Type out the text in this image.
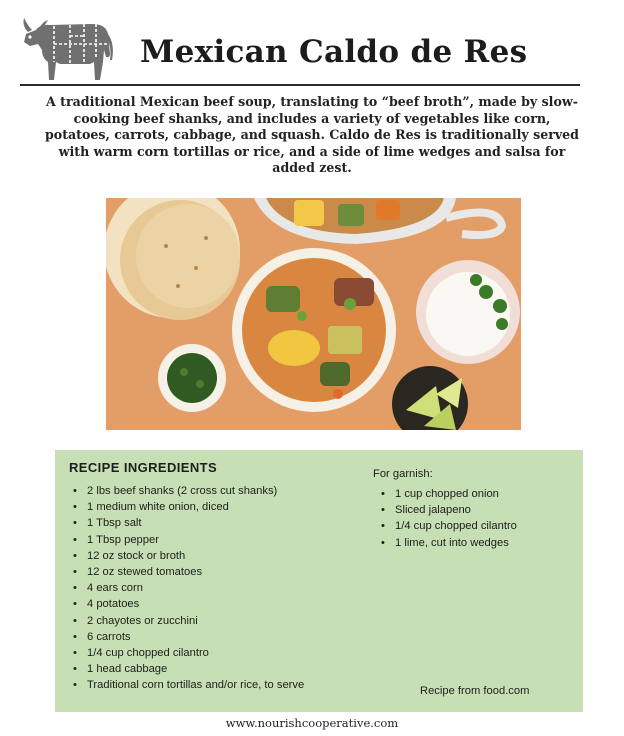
Mexican Caldo de Res
A traditional Mexican beef soup, translating to “beef broth”, made by slow-cooking beef shanks, and includes a variety of vegetables like corn, potatoes, carrots, cabbage, and squash. Caldo de Res is traditionally served with warm corn tortillas or rice, and a side of lime wedges and salsa for added zest.
RECIPE INGREDIENTS
• 2 lbs beef shanks (2 cross cut shanks)
• 1 medium white onion, diced
• 1 Tbsp salt
• 1 Tbsp pepper
• 12 oz stock or broth
• 12 oz stewed tomatoes
• 4 ears corn
• 4 potatoes
• 2 chayotes or zucchini
• 6 carrots
• 1/4 cup chopped cilantro
• 1 head cabbage
• Traditional corn tortillas and/or rice, to serve
For garnish:
• 1 cup chopped onion
• Sliced jalapeno
• 1/4 cup chopped cilantro
• 1 lime, cut into wedges
Recipe from food.com
www.nourishcooperative.com
